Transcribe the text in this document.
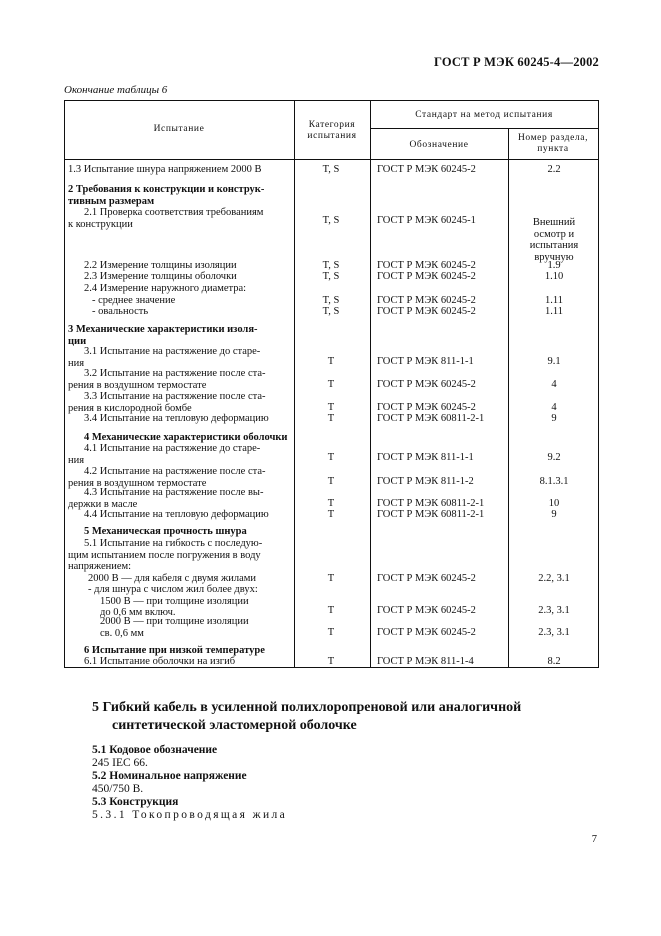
ГОСТ Р МЭК 60245-4—2002
Окончание таблицы 6
Испытание	Категория
испытания
Стандарт на метод испытания
Обозначение
Номер раздела,
пункта
1.3 Испытание шнура напряжением 2000 В	T, S	ГОСТ Р МЭК 60245-2	2.2
2 Требования к конструкции и конструк-
тивным размерам
2.1 Проверка соответствия требованиям
к конструкции	T, S	ГОСТ Р МЭК 60245-1	Внешний
осмотр и
испытания
вручную
2.2 Измерение толщины изоляции	T, S	ГОСТ Р МЭК 60245-2	1.9
2.3 Измерение толщины оболочки	T, S	ГОСТ Р МЭК 60245-2	1.10
2.4 Измерение наружного диаметра:
- среднее значение	T, S	ГОСТ Р МЭК 60245-2	1.11
- овальность	T, S	ГОСТ Р МЭК 60245-2	1.11
3 Механические характеристики изоля-
ции
3.1 Испытание на растяжение до старе-
ния	T	ГОСТ Р МЭК 811-1-1	9.1
3.2 Испытание на растяжение после ста-
рения в воздушном термостате	T	ГОСТ Р МЭК 60245-2	4
3.3 Испытание на растяжение после ста-
рения в кислородной бомбе	T	ГОСТ Р МЭК 60245-2	4
3.4 Испытание на тепловую деформацию	T	ГОСТ Р МЭК 60811-2-1	9
4 Механические характеристики оболочки
4.1 Испытание на растяжение до старе-
ния	T	ГОСТ Р МЭК 811-1-1	9.2
4.2 Испытание на растяжение после ста-
рения в воздушном термостате	T	ГОСТ Р МЭК 811-1-2	8.1.3.1
4.3 Испытание на растяжение после вы-
держки в масле	T	ГОСТ Р МЭК 60811-2-1	10
4.4 Испытание на тепловую деформацию	T	ГОСТ Р МЭК 60811-2-1	9
5 Механическая прочность шнура
5.1 Испытание на гибкость с последую-
щим испытанием после погружения в воду
напряжением:
2000 В — для кабеля с двумя жилами	T	ГОСТ Р МЭК 60245-2	2.2, 3.1
- для шнура с числом жил более двух:
1500 В — при толщине изоляции
до 0,6 мм включ.	T	ГОСТ Р МЭК 60245-2	2.3, 3.1
2000 В — при толщине изоляции
св. 0,6 мм	T	ГОСТ Р МЭК 60245-2	2.3, 3.1
6 Испытание при низкой температуре
6.1 Испытание оболочки на изгиб	T	ГОСТ Р МЭК 811-1-4	8.2
5 Гибкий кабель в усиленной полихлоропреновой или аналогичной
синтетической эластомерной оболочке
5.1 Кодовое обозначение
245 IEC 66.
5.2 Номинальное напряжение
450/750 В.
5.3 Конструкция
5.3.1 Токопроводящая жила
7
